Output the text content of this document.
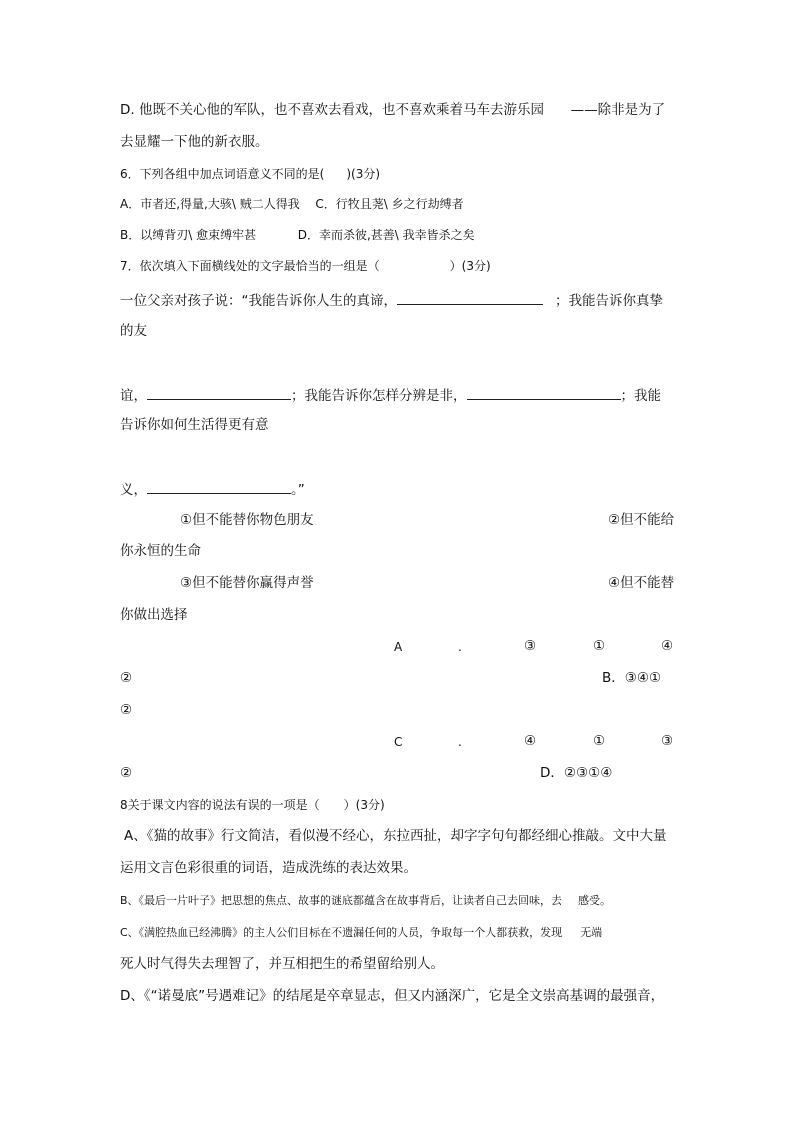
D. 他既不关心他的军队，也不喜欢去看戏，也不喜欢乘着马车去游乐园 ——除非是为了
去显耀一下他的新衣服。
6．下列各组中加点词语意义不同的是( )(3分)
A．市者还,得量,大骇\ 贼二人得我 C．行牧且荛\ 乡之行劫缚者
B．以缚背刃\ 愈束缚牢甚	D．幸而杀彼,甚善\ 我幸皆杀之矣
7．依次填入下面横线处的文字最恰当的一组是（	）(3分)
一位父亲对孩子说：“我能告诉你人生的真谛，	；我能告诉你真挚
的友
谊，	；我能告诉你怎样分辨是非，	；我能
告诉你如何生活得更有意
义，	。”
①但不能替你物色朋友	②但不能给
你永恒的生命
③但不能替你赢得声誉	④但不能替
你做出选择
A	.	③	①	④
②	B．③④①
②
C	.	④	①	③
②	D．②③①④
8关于课文内容的说法有误的一项是（ ）(3分)
A、《猫的故事》行文简洁，看似漫不经心，东拉西扯，却字字句句都经细心推敲。文中大量
运用文言色彩很重的词语，造成洗练的表达效果。
B、《最后一片叶子》把思想的焦点、故事的谜底都蕴含在故事背后，让读者自己去回味，去 感受。
C、《满腔热血已经沸腾》的主人公们目标在不遗漏任何的人员，争取每一个人都获救，发现 无端
死人时气得失去理智了，并互相把生的希望留给别人。
D、《“诺曼底”号遇难记》的结尾是卒章显志，但又内涵深广，它是全文崇高基调的最强音，
